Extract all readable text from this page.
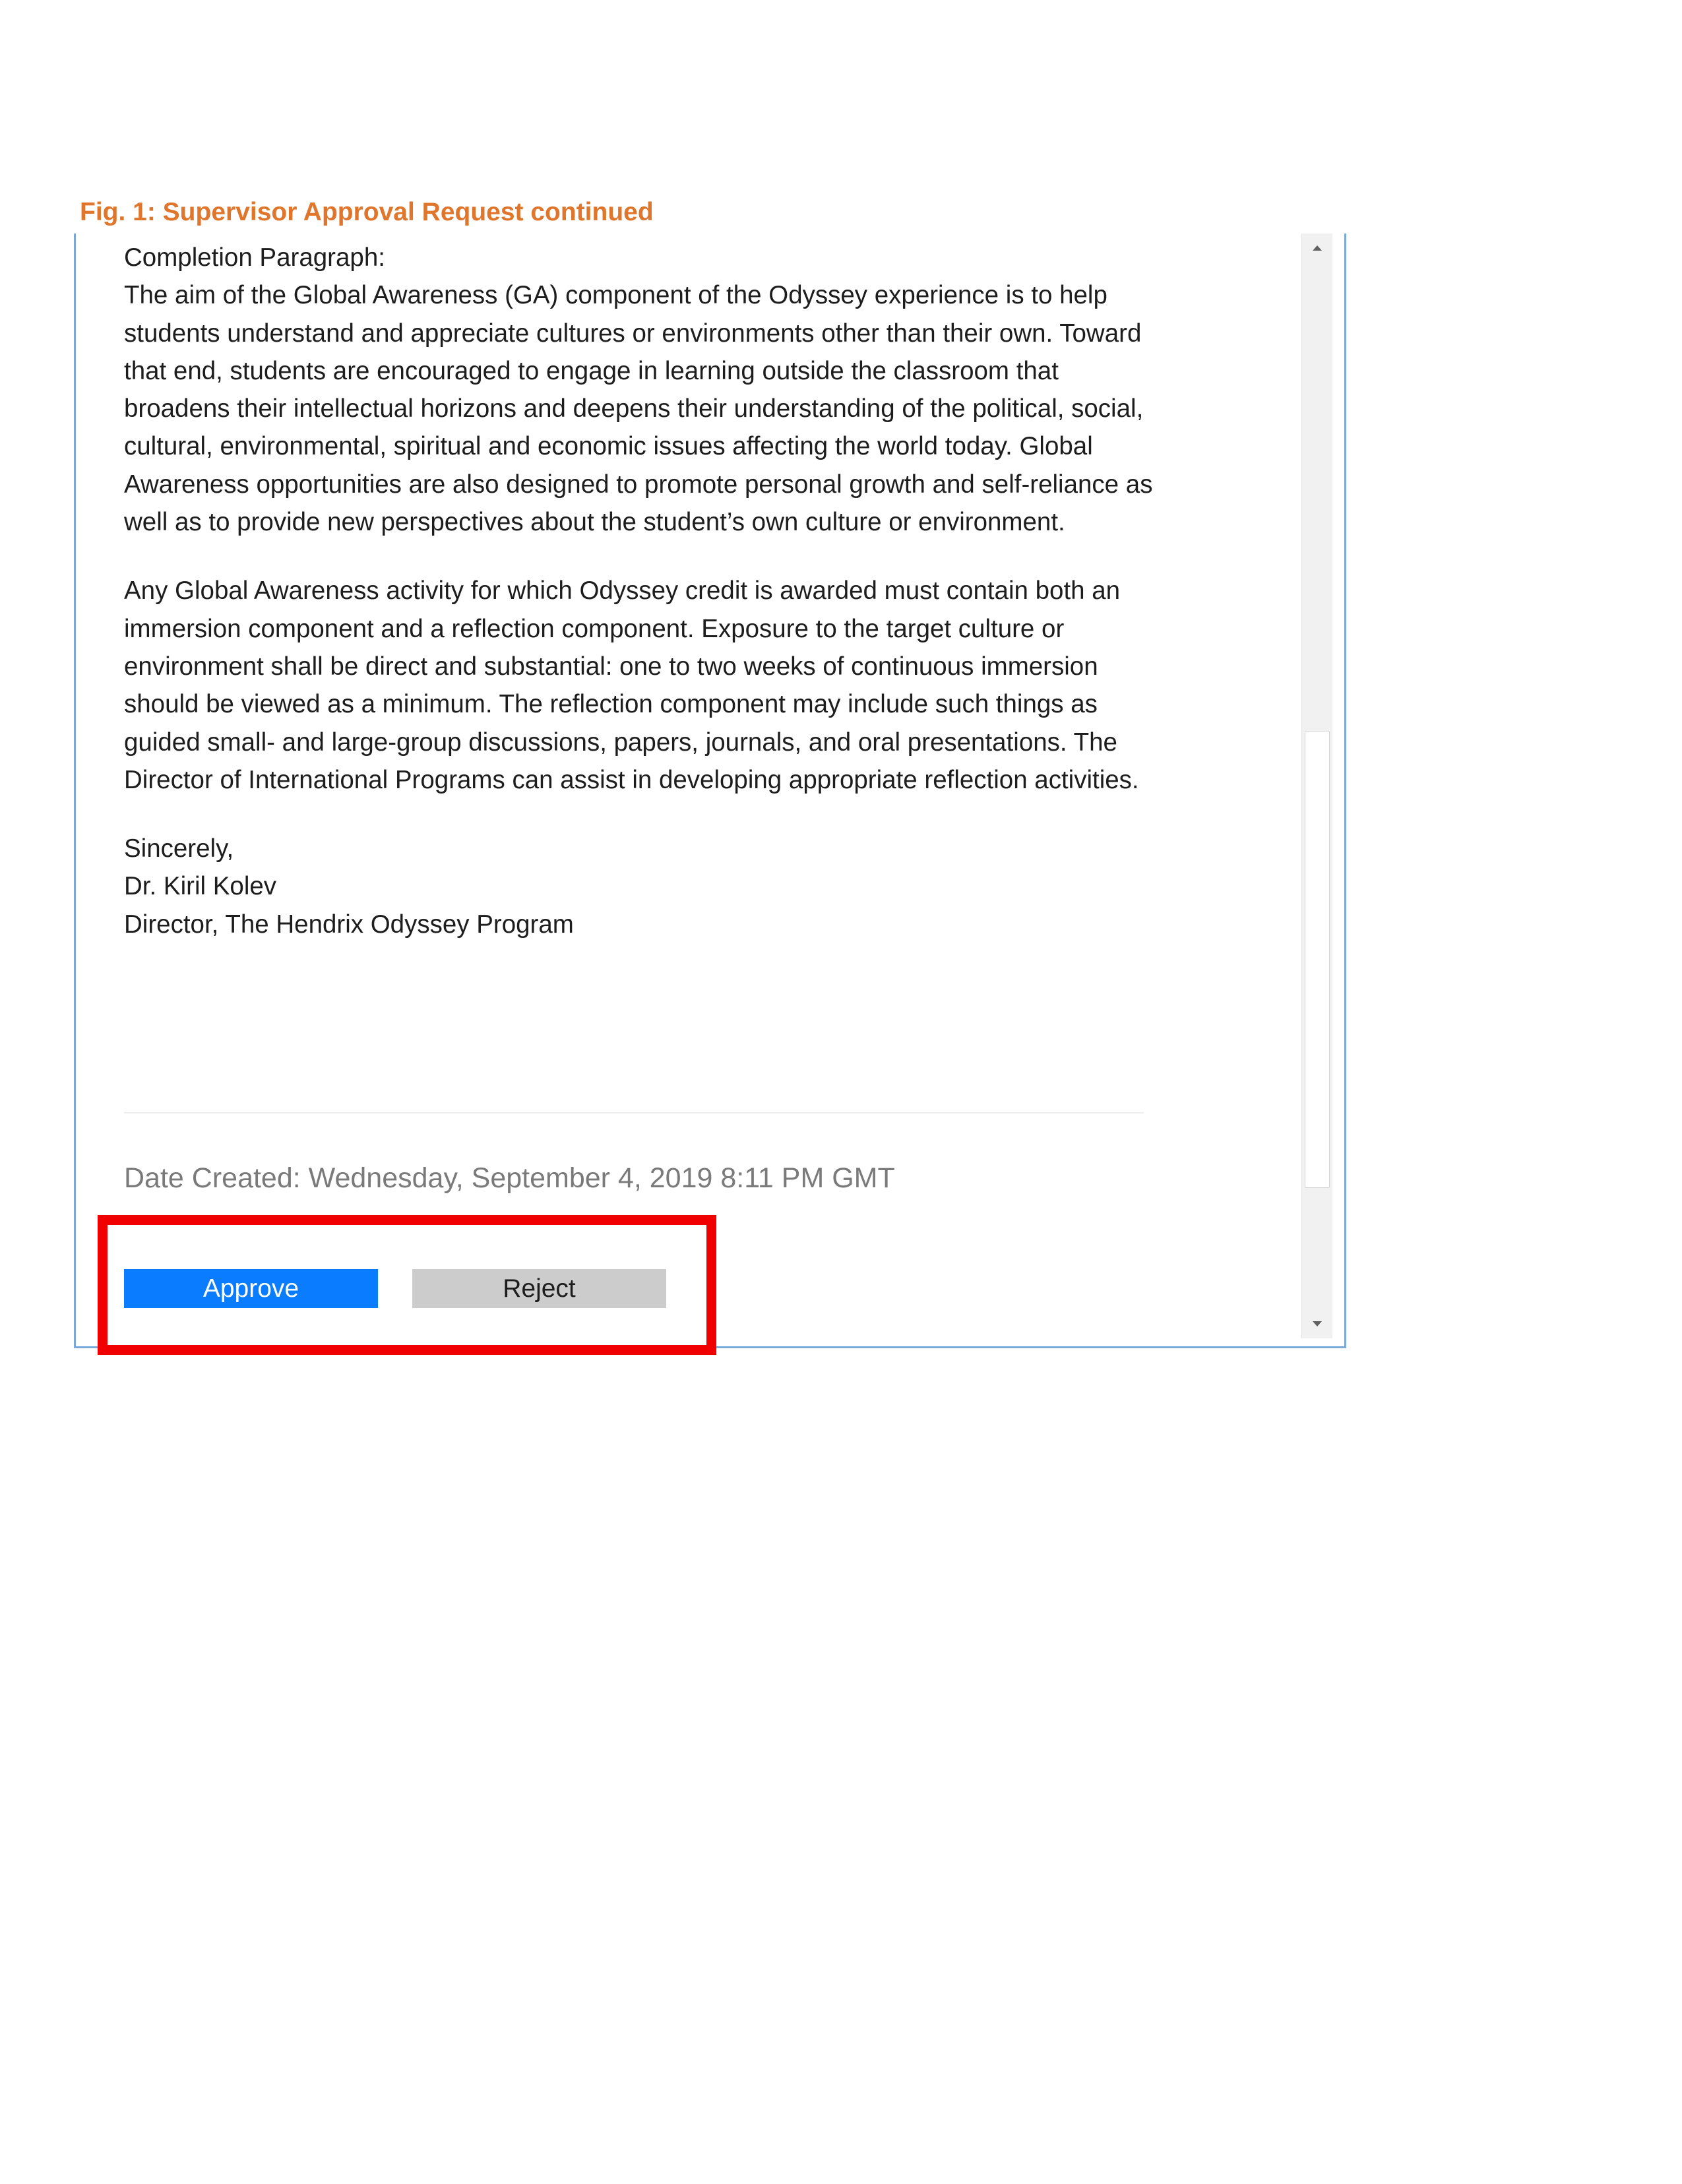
Fig. 1: Supervisor Approval Request continued

Completion Paragraph:

The aim of the Global Awareness (GA) component of the Odyssey experience is to help students understand and appreciate cultures or environments other than their own. Toward that end, students are encouraged to engage in learning outside the classroom that broadens their intellectual horizons and deepens their understanding of the political, social, cultural, environmental, spiritual and economic issues affecting the world today. Global Awareness opportunities are also designed to promote personal growth and self-reliance as well as to provide new perspectives about the student’s own culture or environment.

Any Global Awareness activity for which Odyssey credit is awarded must contain both an immersion component and a reflection component. Exposure to the target culture or environment shall be direct and substantial: one to two weeks of continuous immersion should be viewed as a minimum. The reflection component may include such things as guided small- and large-group discussions, papers, journals, and oral presentations. The Director of International Programs can assist in developing appropriate reflection activities.

Sincerely,

Dr. Kiril Kolev

Director, The Hendrix Odyssey Program

Date Created: Wednesday, September 4, 2019 8:11 PM GMT
Approve	Reject
